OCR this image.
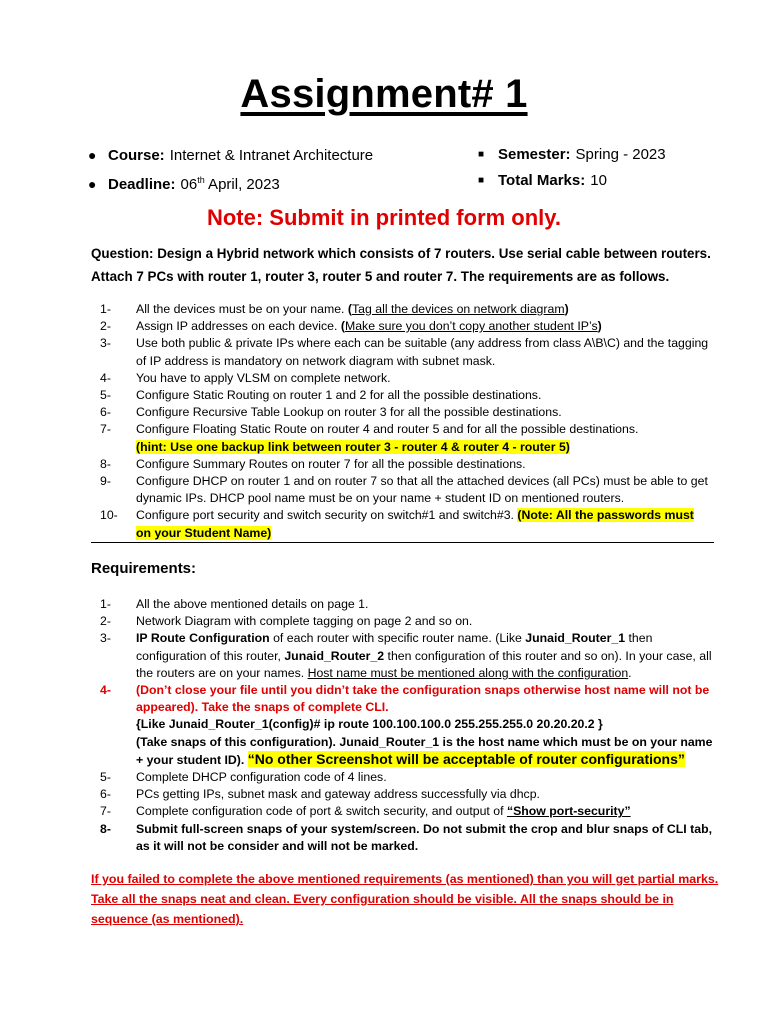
Assignment# 1
● Course: Internet & Intranet Architecture
● Deadline: 06th April, 2023
■ Semester: Spring - 2023
■ Total Marks: 10
Note: Submit in printed form only.
Question: Design a Hybrid network which consists of 7 routers. Use serial cable between routers.
Attach 7 PCs with router 1, router 3, router 5 and router 7. The requirements are as follows.
1-	All the devices must be on your name. (Tag all the devices on network diagram)
2-	Assign IP addresses on each device. (Make sure you don’t copy another student IP’s)
3-	Use both public & private IPs where each can be suitable (any address from class A\B\C) and the tagging of IP address is mandatory on network diagram with subnet mask.
4-	You have to apply VLSM on complete network.
5-	Configure Static Routing on router 1 and 2 for all the possible destinations.
6-	Configure Recursive Table Lookup on router 3 for all the possible destinations.
7-	Configure Floating Static Route on router 4 and router 5 and for all the possible destinations.
(hint: Use one backup link between router 3 - router 4 & router 4 - router 5)
8-	Configure Summary Routes on router 7 for all the possible destinations.
9-	Configure DHCP on router 1 and on router 7 so that all the attached devices (all PCs) must be able to get dynamic IPs. DHCP pool name must be on your name + student ID on mentioned routers.
10-	Configure port security and switch security on switch#1 and switch#3. (Note: All the passwords must
on your Student Name)
Requirements:
1-	All the above mentioned details on page 1.
2-	Network Diagram with complete tagging on page 2 and so on.
3-	IP Route Configuration of each router with specific router name. (Like Junaid_Router_1 then configuration of this router, Junaid_Router_2 then configuration of this router and so on). In your case, all the routers are on your names. Host name must be mentioned along with the configuration.
4-	(Don’t close your file until you didn’t take the configuration snaps otherwise host name will not be appeared). Take the snaps of complete CLI.
{Like Junaid_Router_1(config)# ip route 100.100.100.0 255.255.255.0 20.20.20.2 }
(Take snaps of this configuration). Junaid_Router_1 is the host name which must be on your name + your student ID). “No other Screenshot will be acceptable of router configurations”
5-	Complete DHCP configuration code of 4 lines.
6-	PCs getting IPs, subnet mask and gateway address successfully via dhcp.
7-	Complete configuration code of port & switch security, and output of “Show port-security”
8-	Submit full-screen snaps of your system/screen. Do not submit the crop and blur snaps of CLI tab, as it will not be consider and will not be marked.
If you failed to complete the above mentioned requirements (as mentioned) than you will get partial marks. Take all the snaps neat and clean. Every configuration should be visible. All the snaps should be in sequence (as mentioned).
